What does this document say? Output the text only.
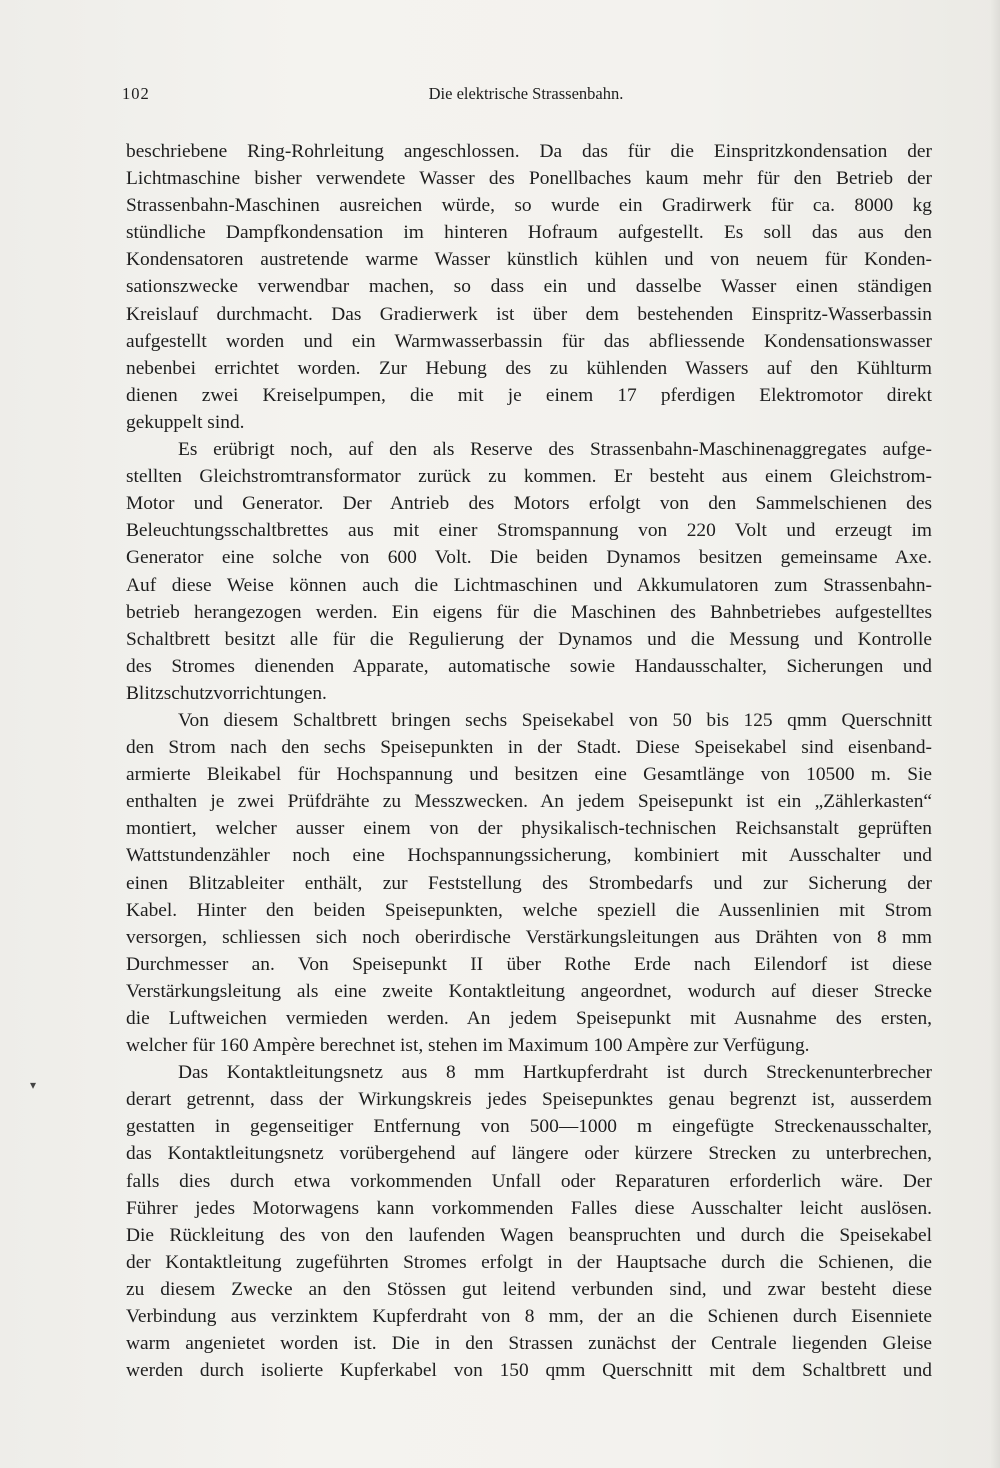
102	Die elektrische Strassenbahn.
beschriebene Ring-Rohrleitung angeschlossen. Da das für die Einspritzkondensation der
Lichtmaschine bisher verwendete Wasser des Ponellbaches kaum mehr für den Betrieb der
Strassenbahn-Maschinen ausreichen würde, so wurde ein Gradirwerk für ca. 8000 kg
stündliche Dampfkondensation im hinteren Hofraum aufgestellt. Es soll das aus den
Kondensatoren austretende warme Wasser künstlich kühlen und von neuem für Konden-
sationszwecke verwendbar machen, so dass ein und dasselbe Wasser einen ständigen
Kreislauf durchmacht. Das Gradierwerk ist über dem bestehenden Einspritz-Wasserbassin
aufgestellt worden und ein Warmwasserbassin für das abfliessende Kondensationswasser
nebenbei errichtet worden. Zur Hebung des zu kühlenden Wassers auf den Kühlturm
dienen zwei Kreiselpumpen, die mit je einem 17 pferdigen Elektromotor direkt
gekuppelt sind.
Es erübrigt noch, auf den als Reserve des Strassenbahn-Maschinenaggregates aufge-
stellten Gleichstromtransformator zurück zu kommen. Er besteht aus einem Gleichstrom-
Motor und Generator. Der Antrieb des Motors erfolgt von den Sammelschienen des
Beleuchtungsschaltbrettes aus mit einer Stromspannung von 220 Volt und erzeugt im
Generator eine solche von 600 Volt. Die beiden Dynamos besitzen gemeinsame Axe.
Auf diese Weise können auch die Lichtmaschinen und Akkumulatoren zum Strassenbahn-
betrieb herangezogen werden. Ein eigens für die Maschinen des Bahnbetriebes aufgestelltes
Schaltbrett besitzt alle für die Regulierung der Dynamos und die Messung und Kontrolle
des Stromes dienenden Apparate, automatische sowie Handausschalter, Sicherungen und
Blitzschutzvorrichtungen.
Von diesem Schaltbrett bringen sechs Speisekabel von 50 bis 125 qmm Querschnitt
den Strom nach den sechs Speisepunkten in der Stadt. Diese Speisekabel sind eisenband-
armierte Bleikabel für Hochspannung und besitzen eine Gesamtlänge von 10500 m. Sie
enthalten je zwei Prüfdrähte zu Messzwecken. An jedem Speisepunkt ist ein „Zählerkasten“
montiert, welcher ausser einem von der physikalisch-technischen Reichsanstalt geprüften
Wattstundenzähler noch eine Hochspannungssicherung, kombiniert mit Ausschalter und
einen Blitzableiter enthält, zur Feststellung des Strombedarfs und zur Sicherung der
Kabel. Hinter den beiden Speisepunkten, welche speziell die Aussenlinien mit Strom
versorgen, schliessen sich noch oberirdische Verstärkungsleitungen aus Drähten von 8 mm
Durchmesser an. Von Speisepunkt II über Rothe Erde nach Eilendorf ist diese
Verstärkungsleitung als eine zweite Kontaktleitung angeordnet, wodurch auf dieser Strecke
die Luftweichen vermieden werden. An jedem Speisepunkt mit Ausnahme des ersten,
welcher für 160 Ampère berechnet ist, stehen im Maximum 100 Ampère zur Verfügung.
Das Kontaktleitungsnetz aus 8 mm Hartkupferdraht ist durch Streckenunterbrecher
derart getrennt, dass der Wirkungskreis jedes Speisepunktes genau begrenzt ist, ausserdem
gestatten in gegenseitiger Entfernung von 500—1000 m eingefügte Streckenausschalter,
das Kontaktleitungsnetz vorübergehend auf längere oder kürzere Strecken zu unterbrechen,
falls dies durch etwa vorkommenden Unfall oder Reparaturen erforderlich wäre. Der
Führer jedes Motorwagens kann vorkommenden Falles diese Ausschalter leicht auslösen.
Die Rückleitung des von den laufenden Wagen beanspruchten und durch die Speisekabel
der Kontaktleitung zugeführten Stromes erfolgt in der Hauptsache durch die Schienen, die
zu diesem Zwecke an den Stössen gut leitend verbunden sind, und zwar besteht diese
Verbindung aus verzinktem Kupferdraht von 8 mm, der an die Schienen durch Eisenniete
warm angenietet worden ist. Die in den Strassen zunächst der Centrale liegenden Gleise
werden durch isolierte Kupferkabel von 150 qmm Querschnitt mit dem Schaltbrett und
▾
